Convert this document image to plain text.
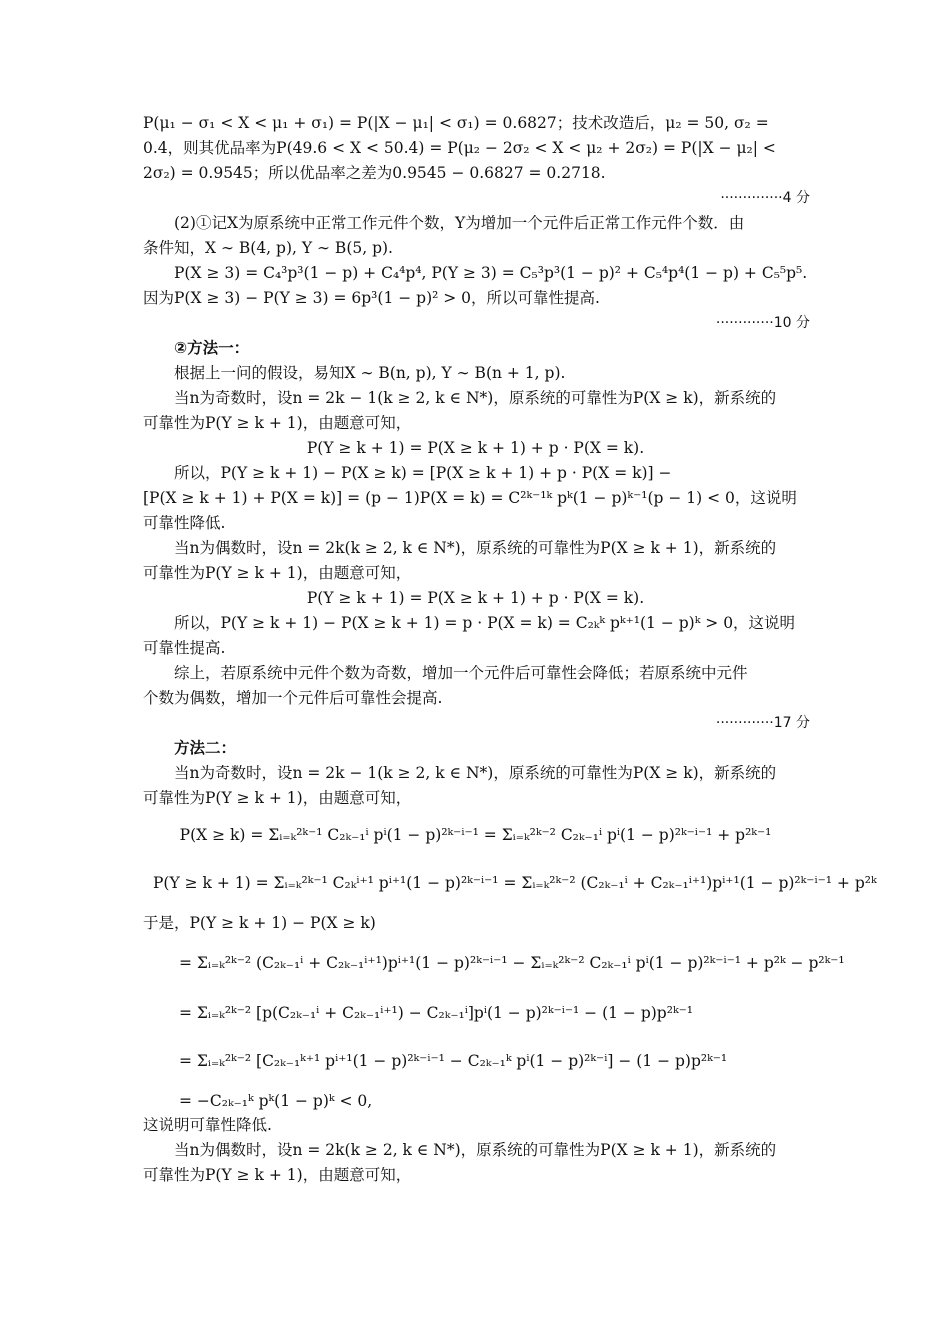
P(μ₁ − σ₁ < X < μ₁ + σ₁) = P(|X − μ₁| < σ₁) = 0.6827；技术改造后，μ₂ = 50, σ₂ =
0.4，则其优品率为P(49.6 < X < 50.4) = P(μ₂ − 2σ₂ < X < μ₂ + 2σ₂) = P(|X − μ₂| <
2σ₂) = 0.9545；所以优品率之差为0.9545 − 0.6827 = 0.2718.
··············4 分
(2)①记X为原系统中正常工作元件个数，Y为增加一个元件后正常工作元件个数．由
条件知，X ∼ B(4, p), Y ∼ B(5, p).
P(X ≥ 3) = C₄³p³(1 − p) + C₄⁴p⁴, P(Y ≥ 3) = C₅³p³(1 − p)² + C₅⁴p⁴(1 − p) + C₅⁵p⁵.
因为P(X ≥ 3) − P(Y ≥ 3) = 6p³(1 − p)² > 0，所以可靠性提高.
·············10 分
②方法一：
根据上一问的假设，易知X ∼ B(n, p), Y ∼ B(n + 1, p).
当n为奇数时，设n = 2k − 1(k ≥ 2, k ∈ N*)，原系统的可靠性为P(X ≥ k)，新系统的
可靠性为P(Y ≥ k + 1)，由题意可知，
P(Y ≥ k + 1) = P(X ≥ k + 1) + p · P(X = k).
所以，P(Y ≥ k + 1) − P(X ≥ k) = [P(X ≥ k + 1) + p · P(X = k)] −
[P(X ≥ k + 1) + P(X = k)] = (p − 1)P(X = k) = C²ᵏ⁻¹ᵏ pᵏ(1 − p)ᵏ⁻¹(p − 1) < 0，这说明
可靠性降低.
当n为偶数时，设n = 2k(k ≥ 2, k ∈ N*)，原系统的可靠性为P(X ≥ k + 1)，新系统的
可靠性为P(Y ≥ k + 1)，由题意可知，
P(Y ≥ k + 1) = P(X ≥ k + 1) + p · P(X = k).
所以，P(Y ≥ k + 1) − P(X ≥ k + 1) = p · P(X = k) = C₂ₖᵏ pᵏ⁺¹(1 − p)ᵏ > 0，这说明
可靠性提高.
综上，若原系统中元件个数为奇数，增加一个元件后可靠性会降低；若原系统中元件
个数为偶数，增加一个元件后可靠性会提高.
·············17 分
方法二：
当n为奇数时，设n = 2k − 1(k ≥ 2, k ∈ N*)，原系统的可靠性为P(X ≥ k)，新系统的
可靠性为P(Y ≥ k + 1)，由题意可知，
P(X ≥ k) = Σᵢ₌ₖ²ᵏ⁻¹ C₂ₖ₋₁ⁱ pⁱ(1 − p)²ᵏ⁻ⁱ⁻¹ = Σᵢ₌ₖ²ᵏ⁻² C₂ₖ₋₁ⁱ pⁱ(1 − p)²ᵏ⁻ⁱ⁻¹ + p²ᵏ⁻¹
P(Y ≥ k + 1) = Σᵢ₌ₖ²ᵏ⁻¹ C₂ₖⁱ⁺¹ pⁱ⁺¹(1 − p)²ᵏ⁻ⁱ⁻¹ = Σᵢ₌ₖ²ᵏ⁻² (C₂ₖ₋₁ⁱ + C₂ₖ₋₁ⁱ⁺¹)pⁱ⁺¹(1 − p)²ᵏ⁻ⁱ⁻¹ + p²ᵏ
于是，P(Y ≥ k + 1) − P(X ≥ k)
= Σᵢ₌ₖ²ᵏ⁻² (C₂ₖ₋₁ⁱ + C₂ₖ₋₁ⁱ⁺¹)pⁱ⁺¹(1 − p)²ᵏ⁻ⁱ⁻¹ − Σᵢ₌ₖ²ᵏ⁻² C₂ₖ₋₁ⁱ pⁱ(1 − p)²ᵏ⁻ⁱ⁻¹ + p²ᵏ − p²ᵏ⁻¹
= Σᵢ₌ₖ²ᵏ⁻² [p(C₂ₖ₋₁ⁱ + C₂ₖ₋₁ⁱ⁺¹) − C₂ₖ₋₁ⁱ]pⁱ(1 − p)²ᵏ⁻ⁱ⁻¹ − (1 − p)p²ᵏ⁻¹
= Σᵢ₌ₖ²ᵏ⁻² [C₂ₖ₋₁ᵏ⁺¹ pⁱ⁺¹(1 − p)²ᵏ⁻ⁱ⁻¹ − C₂ₖ₋₁ᵏ pⁱ(1 − p)²ᵏ⁻ⁱ] − (1 − p)p²ᵏ⁻¹
= −C₂ₖ₋₁ᵏ pᵏ(1 − p)ᵏ < 0,
这说明可靠性降低.
当n为偶数时，设n = 2k(k ≥ 2, k ∈ N*)，原系统的可靠性为P(X ≥ k + 1)，新系统的
可靠性为P(Y ≥ k + 1)，由题意可知，
